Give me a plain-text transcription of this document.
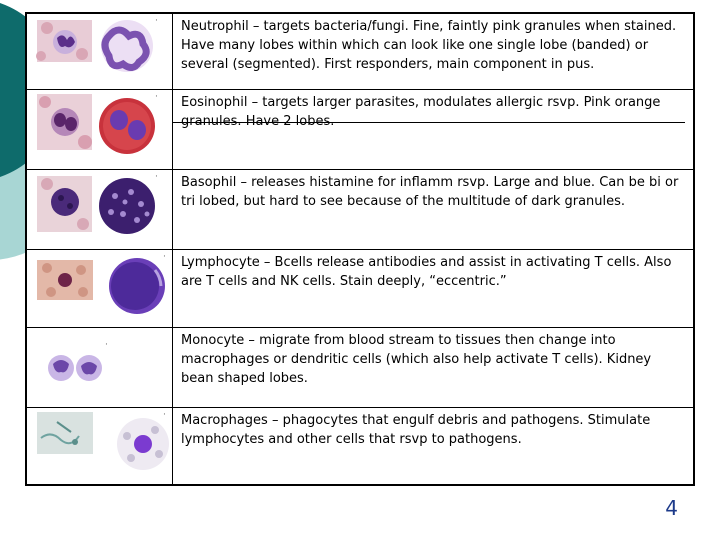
· Neutrophil – targets bacteria/fungi. Fine, faintly pink granules when stained. Have many lobes within which can look like one single lobe (banded) or several (segmented). First responders, main component in pus.
· Eosinophil – targets larger parasites, modulates allergic rsvp. Pink orange granules. Have 2 lobes.
· Basophil – releases histamine for inflamm rsvp. Large and blue. Can be bi or tri lobed, but hard to see because of the multitude of dark granules.
· Lymphocyte – Bcells release antibodies and assist in activating T cells. Also are T cells and NK cells. Stain deeply, “eccentric.”
·	Monocyte – migrate from blood stream to tissues then change into macrophages or dendritic cells (which also help activate T cells). Kidney bean shaped lobes.
· Macrophages – phagocytes that engulf debris and pathogens. Stimulate lymphocytes and other cells that rsvp to pathogens.
4
